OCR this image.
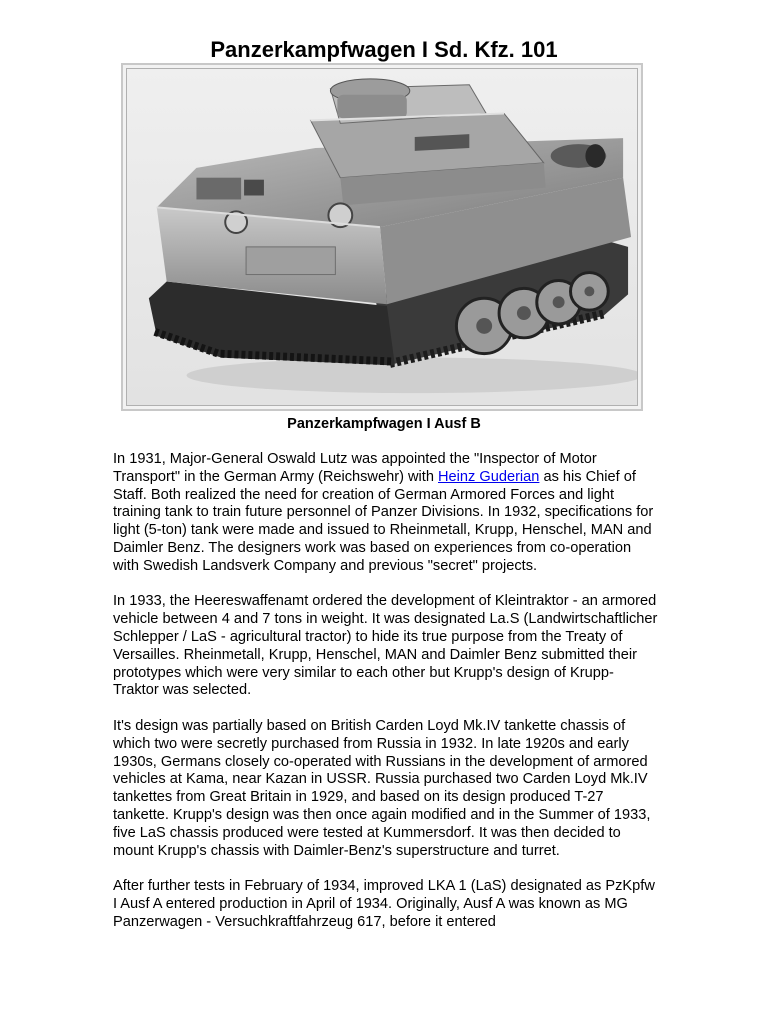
Panzerkampfwagen I Sd. Kfz. 101
Panzerkampfwagen I Ausf B

In 1931, Major-General Oswald Lutz was appointed the "Inspector of Motor Transport" in the German Army (Reichswehr) with Heinz Guderian as his Chief of Staff. Both realized the need for creation of German Armored Forces and light training tank to train future personnel of Panzer Divisions. In 1932, specifications for light (5-ton) tank were made and issued to Rheinmetall, Krupp, Henschel, MAN and Daimler Benz. The designers work was based on experiences from co-operation with Swedish Landsverk Company and previous "secret" projects.

In 1933, the Heereswaffenamt ordered the development of Kleintraktor - an armored vehicle between 4 and 7 tons in weight. It was designated La.S (Landwirtschaftlicher Schlepper / LaS - agricultural tractor) to hide its true purpose from the Treaty of Versailles. Rheinmetall, Krupp, Henschel, MAN and Daimler Benz submitted their prototypes which were very similar to each other but Krupp's design of Krupp-Traktor was selected.

It's design was partially based on British Carden Loyd Mk.IV tankette chassis of which two were secretly purchased from Russia in 1932. In late 1920s and early 1930s, Germans closely co-operated with Russians in the development of armored vehicles at Kama, near Kazan in USSR. Russia purchased two Carden Loyd Mk.IV tankettes from Great Britain in 1929, and based on its design produced T-27 tankette. Krupp's design was then once again modified and in the Summer of 1933, five LaS chassis produced were tested at Kummersdorf. It was then decided to mount Krupp's chassis with Daimler-Benz's superstructure and turret.

After further tests in February of 1934, improved LKA 1 (LaS) designated as PzKpfw I Ausf A entered production in April of 1934. Originally, Ausf A was known as MG Panzerwagen - Versuchkraftfahrzeug 617, before it entered
